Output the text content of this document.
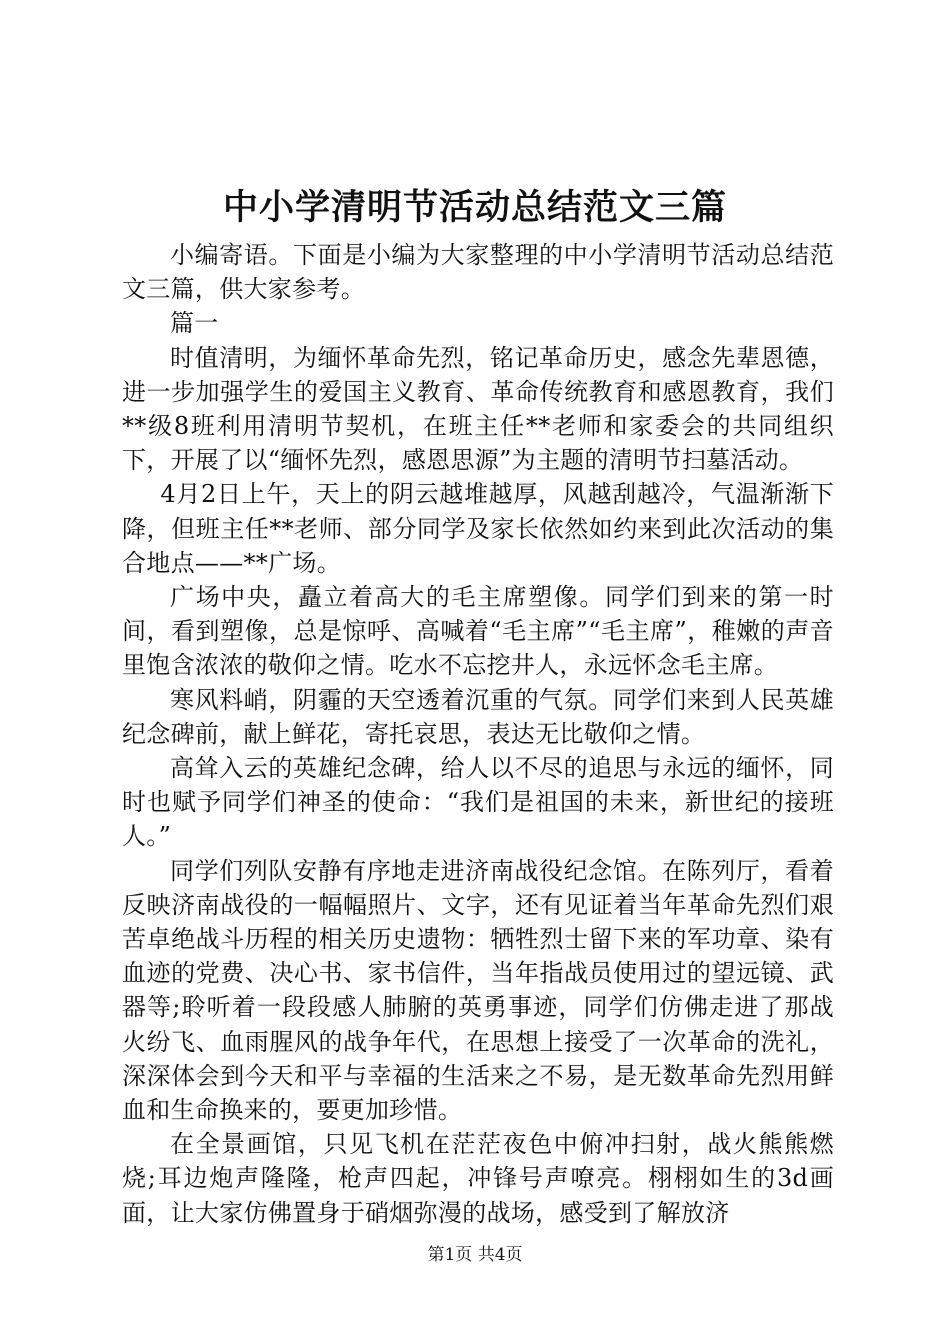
中小学清明节活动总结范文三篇

小编寄语。下面是小编为大家整理的中小学清明节活动总结范文三篇，供大家参考。

篇一

时值清明，为缅怀革命先烈，铭记革命历史，感念先辈恩德，进一步加强学生的爱国主义教育、革命传统教育和感恩教育，我们**级8班利用清明节契机，在班主任**老师和家委会的共同组织下，开展了以“缅怀先烈，感恩思源”为主题的清明节扫墓活动。

4月2日上午，天上的阴云越堆越厚，风越刮越冷，气温渐渐下降，但班主任**老师、部分同学及家长依然如约来到此次活动的集合地点——**广场。

广场中央，矗立着高大的毛主席塑像。同学们到来的第一时间，看到塑像，总是惊呼、高喊着“毛主席”“毛主席”，稚嫩的声音里饱含浓浓的敬仰之情。吃水不忘挖井人，永远怀念毛主席。

寒风料峭，阴霾的天空透着沉重的气氛。同学们来到人民英雄纪念碑前，献上鲜花，寄托哀思，表达无比敬仰之情。

高耸入云的英雄纪念碑，给人以不尽的追思与永远的缅怀，同时也赋予同学们神圣的使命：“我们是祖国的未来，新世纪的接班人。”

同学们列队安静有序地走进济南战役纪念馆。在陈列厅，看着反映济南战役的一幅幅照片、文字，还有见证着当年革命先烈们艰苦卓绝战斗历程的相关历史遗物：牺牲烈士留下来的军功章、染有血迹的党费、决心书、家书信件，当年指战员使用过的望远镜、武器等;聆听着一段段感人肺腑的英勇事迹，同学们仿佛走进了那战火纷飞、血雨腥风的战争年代，在思想上接受了一次革命的洗礼，深深体会到今天和平与幸福的生活来之不易，是无数革命先烈用鲜血和生命换来的，要更加珍惜。

在全景画馆，只见飞机在茫茫夜色中俯冲扫射，战火熊熊燃烧;耳边炮声隆隆，枪声四起，冲锋号声嘹亮。栩栩如生的3d画面，让大家仿佛置身于硝烟弥漫的战场，感受到了解放济

第1页 共4页
